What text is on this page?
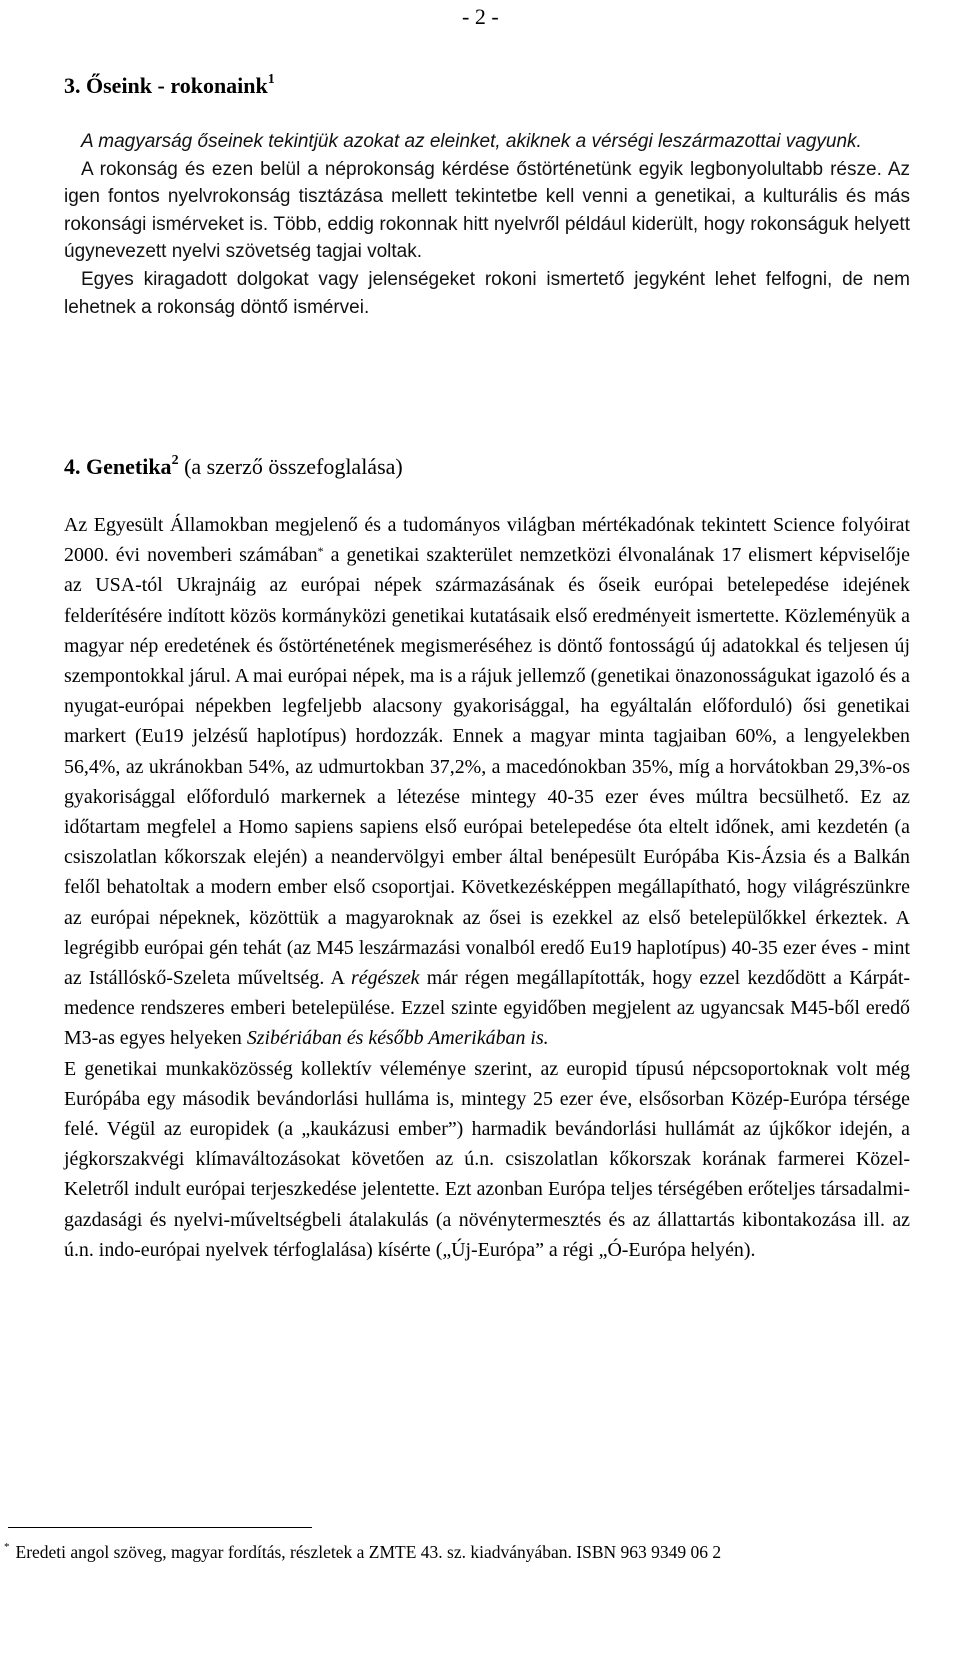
- 2 -
3. Őseink - rokonaink$^1$

A magyarság őseinek tekintjük azokat az eleinket, akiknek a vérségi leszármazottai vagyunk.

A rokonság és ezen belül a néprokonság kérdése őstörténetünk egyik legbonyolultabb része. Az igen fontos nyelvrokonság tisztázása mellett tekintetbe kell venni a genetikai, a kulturális és más rokonsági ismérveket is. Több, eddig rokonnak hitt nyelvről például kiderült, hogy rokonságuk helyett úgynevezett nyelvi szövetség tagjai voltak.

Egyes kiragadott dolgokat vagy jelenségeket rokoni ismertető jegyként lehet felfogni, de nem lehetnek a rokonság döntő ismérvei.

4. Genetika$^2$ (a szerző összefoglalása)

Az Egyesült Államokban megjelenő és a tudományos világban mértékadónak tekintett Science folyóirat 2000. évi novemberi számában* a genetikai szakterület nemzetközi élvonalának 17 elismert képviselője az USA-tól Ukrajnáig az európai népek származásának és őseik európai betelepedése idejének felderítésére indított közös kormányközi genetikai kutatásaik első eredményeit ismertette. Közleményük a magyar nép eredetének és őstörténetének megismeréséhez is döntő fontosságú új adatokkal és teljesen új szempontokkal járul. A mai európai népek, ma is a rájuk jellemző (genetikai önazonosságukat igazoló és a nyugat-európai népekben legfeljebb alacsony gyakorisággal, ha egyáltalán előforduló) ősi genetikai markert (Eu19 jelzésű haplotípus) hordozzák. Ennek a magyar minta tagjaiban 60%, a lengyelekben 56,4%, az ukránokban 54%, az udmurtokban 37,2%, a macedónokban 35%, míg a horvátokban 29,3%-os gyakorisággal előforduló markernek a létezése mintegy 40-35 ezer éves múltra becsülhető. Ez az időtartam megfelel a Homo sapiens sapiens első európai betelepedése óta eltelt időnek, ami kezdetén (a csiszolatlan kőkorszak elején) a neandervölgyi ember által benépesült Európába Kis-Ázsia és a Balkán felől behatoltak a modern ember első csoportjai. Következésképpen megállapítható, hogy világrészünkre az európai népeknek, közöttük a magyaroknak az ősei is ezekkel az első betelepülőkkel érkeztek. A legrégibb európai gén tehát (az M45 leszármazási vonalból eredő Eu19 haplotípus) 40-35 ezer éves - mint az Istállóskő-Szeleta műveltség. A régészek már régen megállapították, hogy ezzel kezdődött a Kárpát-medence rendszeres emberi betelepülése. Ezzel szinte egyidőben megjelent az ugyancsak M45-ből eredő M3-as egyes helyeken Szibériában és később Amerikában is.

E genetikai munkaközösség kollektív véleménye szerint, az europid típusú népcsoportoknak volt még Európába egy második bevándorlási hulláma is, mintegy 25 ezer éve, elsősorban Közép-Európa térsége felé. Végül az europidek (a „kaukázusi ember”) harmadik bevándorlási hullámát az újkőkor idején, a jégkorszakvégi klímaváltozásokat követően az ú.n. csiszolatlan kőkorszak korának farmerei Közel-Keletről indult európai terjeszkedése jelentette. Ezt azonban Európa teljes térségében erőteljes társadalmi-gazdasági és nyelvi-műveltségbeli átalakulás (a növénytermesztés és az állattartás kibontakozása ill. az ú.n. indo-európai nyelvek térfoglalása) kísérte („Új-Európa” a régi „Ó-Európa helyén).

* Eredeti angol szöveg, magyar fordítás, részletek a ZMTE 43. sz. kiadványában. ISBN 963 9349 06 2
